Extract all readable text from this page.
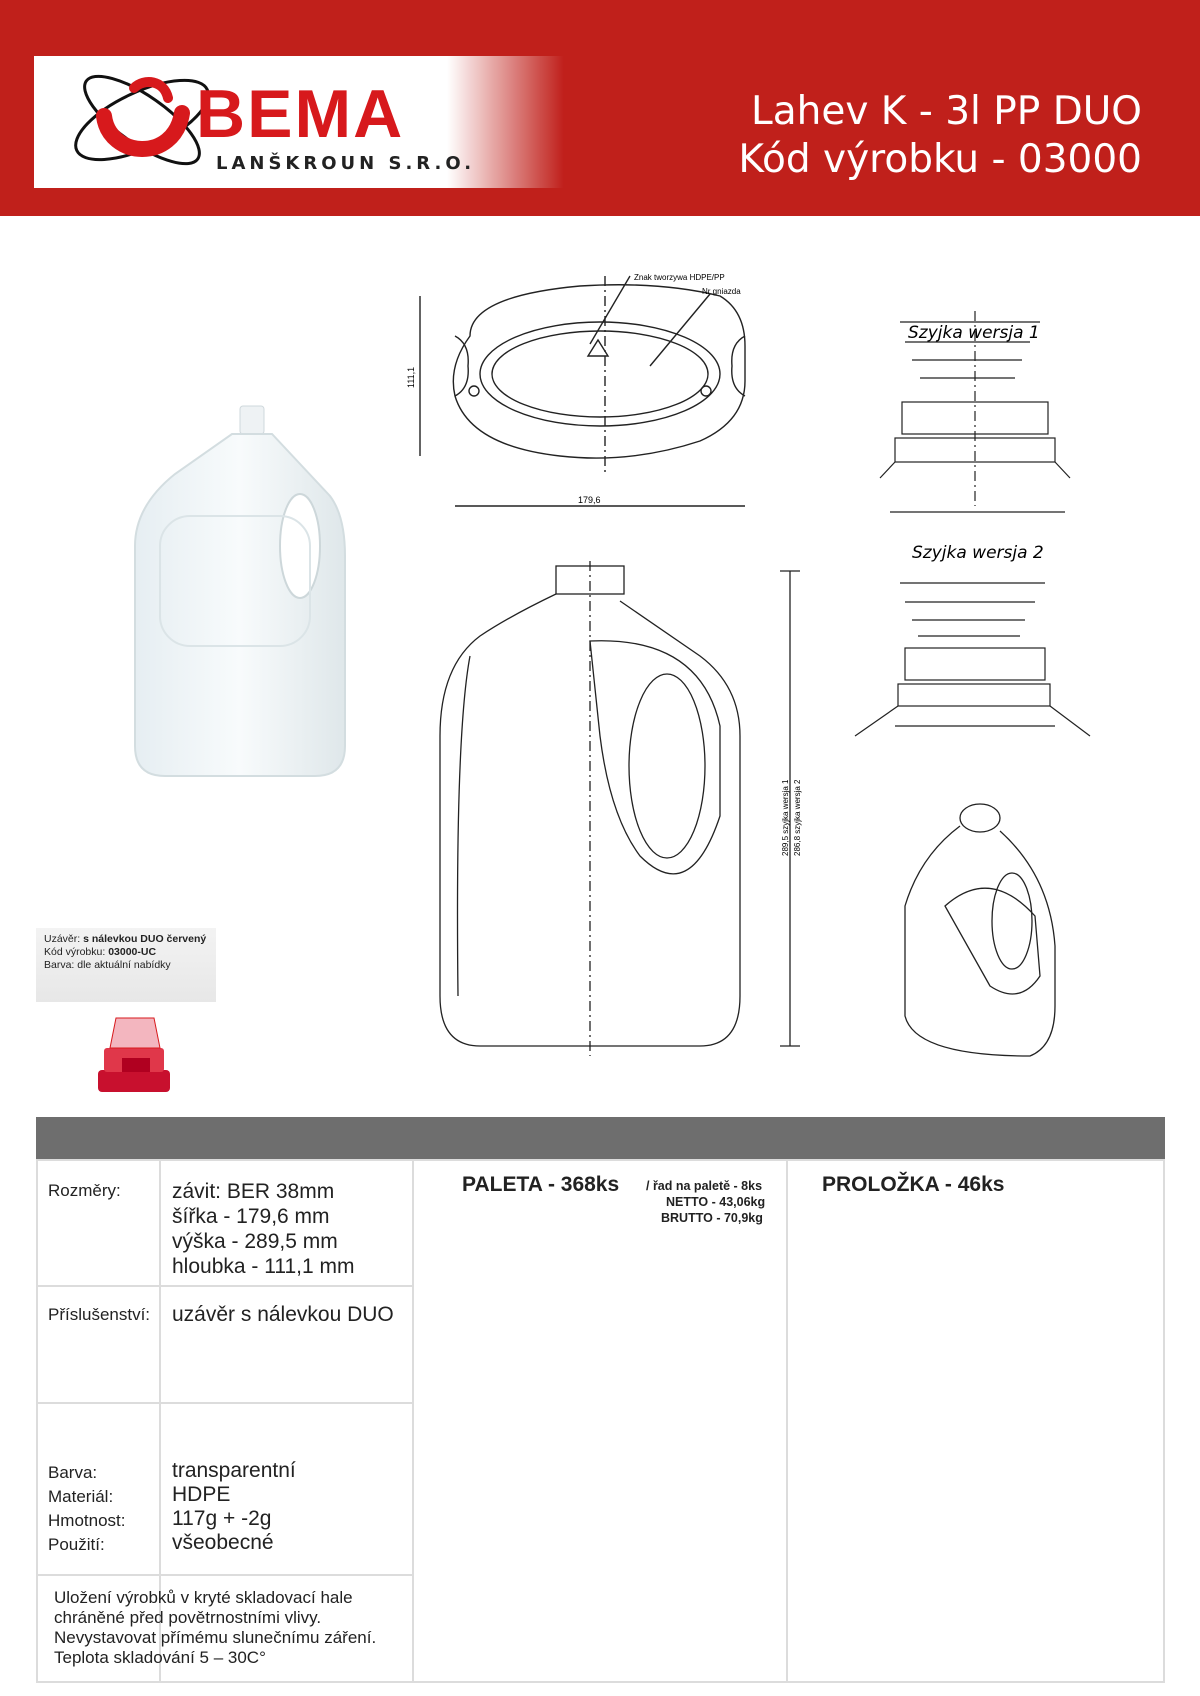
BEMA
LANŠKROUN S.R.O.
Lahev K - 3l PP DUO
Kód výrobku - 03000
Znak tworzywa HDPE/PP
Nr gniazda
111,1
179,6
Szyjka wersja 1
Szyjka wersja 2
289,5 szyjka wersja 1 286,8 szyjka wersja 2
Uzávěr: s nálevkou DUO červený
Kód výrobku: 03000-UC
Barva: dle aktuální nabídky
Rozměry: závit: BER 38mm
šířka - 179,6 mm
výška - 289,5 mm
hloubka - 111,1 mm
Příslušenství: uzávěr s nálevkou DUO
Barva:
Materiál:
Hmotnost:
Použití:
transparentní
HDPE
117g + -2g
všeobecné
Uložení výrobků v kryté skladovací hale
chráněné před povětrnostními vlivy.
Nevystavovat přímému slunečnímu záření.
Teplota skladování 5 – 30C°
PALETA - 368ks / řad na paletě - 8ks
NETTO - 43,06kg
BRUTTO - 70,9kg
PROLOŽKA - 46ks
